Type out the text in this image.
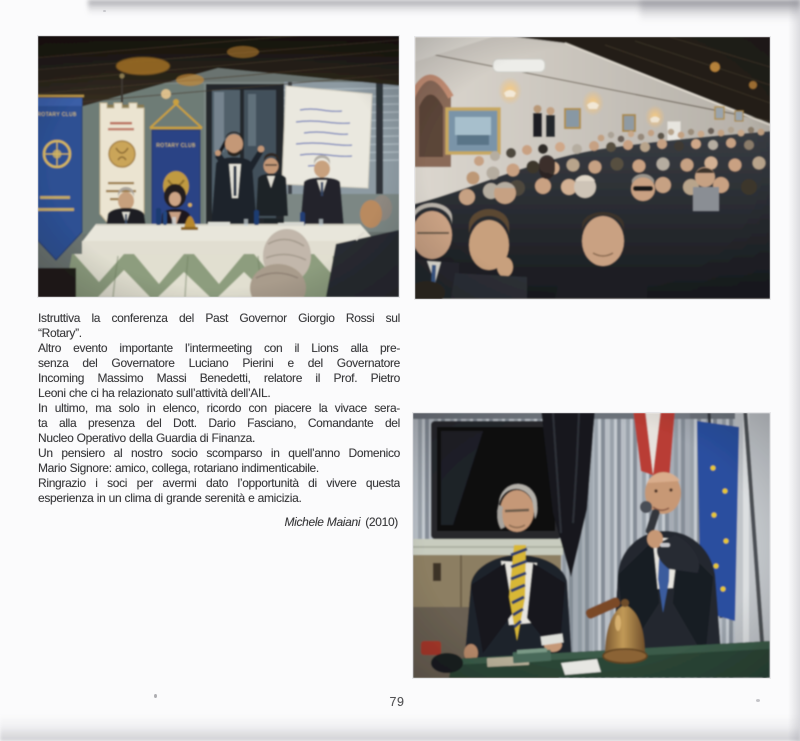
Istruttiva la conferenza del Past Governor Giorgio Rossi sul
“Rotary”.
Altro evento importante l’intermeeting con il Lions alla pre-
senza del Governatore Luciano Pierini e del Governatore
Incoming Massimo Massi Benedetti, relatore il Prof. Pietro
Leoni che ci ha relazionato sull’attività dell’AIL.
In ultimo, ma solo in elenco, ricordo con piacere la vivace sera-
ta alla presenza del Dott. Dario Fasciano, Comandante del
Nucleo Operativo della Guardia di Finanza.
Un pensiero al nostro socio scomparso in quell’anno Domenico
Mario Signore: amico, collega, rotariano indimenticabile.
Ringrazio i soci per avermi dato l’opportunità di vivere questa
esperienza in un clima di grande serenità e amicizia.
Michele Maiani (2010)
79
